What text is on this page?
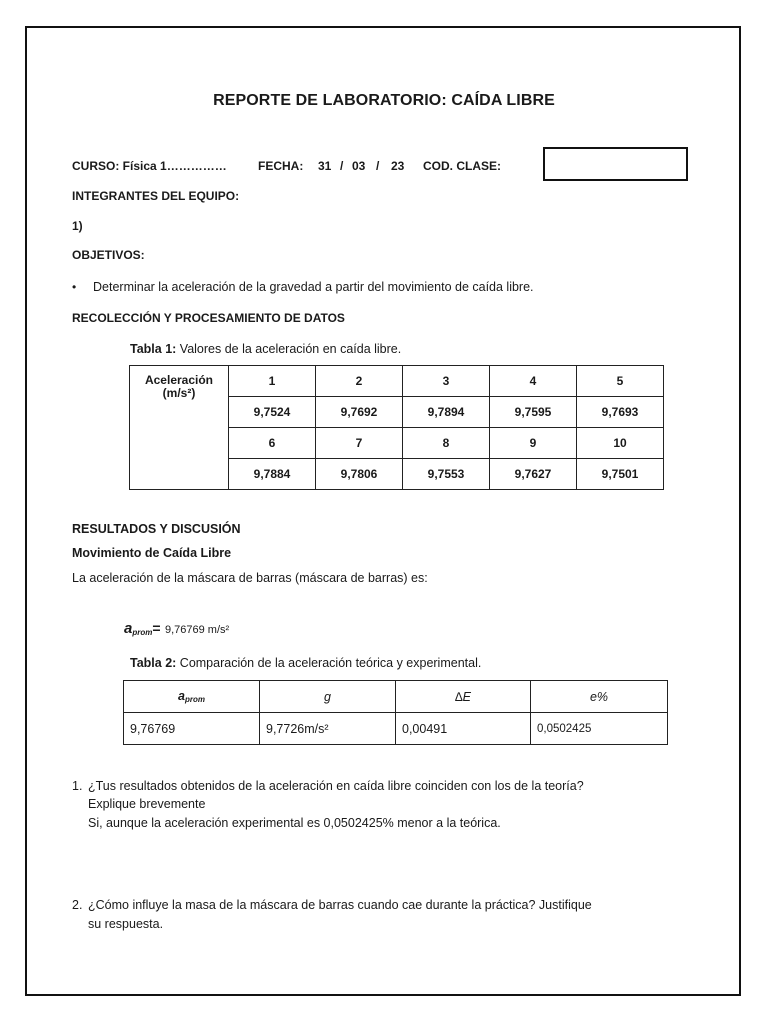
REPORTE DE LABORATORIO: CAÍDA LIBRE
CURSO: Física 1……………	FECHA: 31 / 03 / 23 COD. CLASE:
INTEGRANTES DEL EQUIPO:
1)
OBJETIVOS:
• Determinar la aceleración de la gravedad a partir del movimiento de caída libre.
RECOLECCIÓN Y PROCESAMIENTO DE DATOS
Tabla 1: Valores de la aceleración en caída libre.
Aceleración
(m/s²)	1	2	3	4	5
	9,7524	9,7692	9,7894	9,7595	9,7693
	6	7	8	9	10
	9,7884	9,7806	9,7553	9,7627	9,7501
RESULTADOS Y DISCUSIÓN
Movimiento de Caída Libre
La aceleración de la máscara de barras (máscara de barras) es:
$a_{prom}= 9,76769$ m/s²
Tabla 2: Comparación de la aceleración teórica y experimental.
$a_{prom}$	g	∆E	e%
9,76769	9,7726m/s²	0,00491	0,0502425
1. ¿Tus resultados obtenidos de la aceleración en caída libre coinciden con los de la teoría?
Explique brevemente
Si, aunque la aceleración experimental es 0,0502425% menor a la teórica.
2. ¿Cómo influye la masa de la máscara de barras cuando cae durante la práctica? Justifique
su respuesta.
